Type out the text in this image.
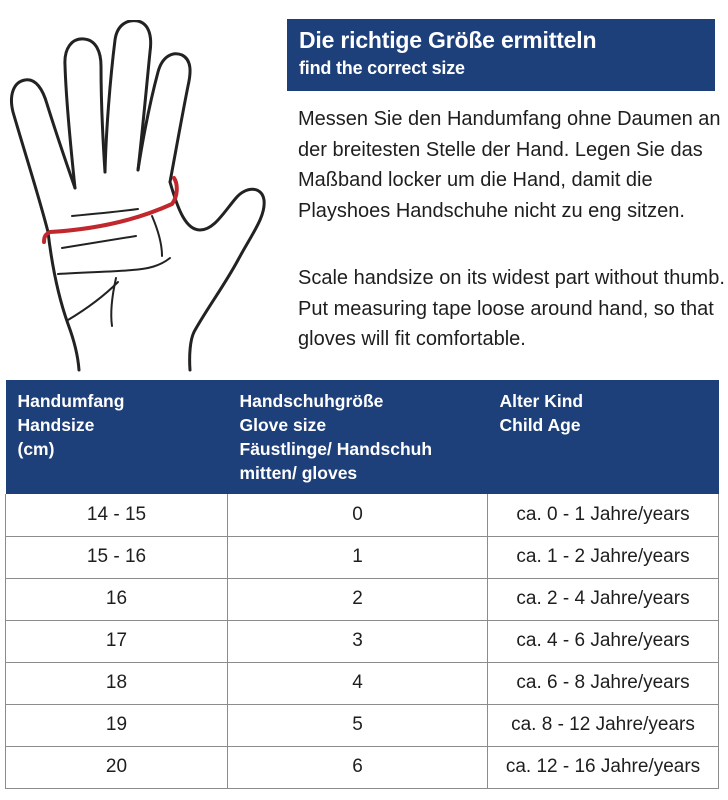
Die richtige Größe ermitteln
find the correct size
Messen Sie den Handumfang ohne Daumen an der breitesten Stelle der Hand. Legen Sie das Maßband locker um die Hand, damit die Playshoes Handschuhe nicht zu eng sitzen.
Scale handsize on its widest part without thumb. Put measuring tape loose around hand, so that gloves will fit comfortable.
Handumfang
Handsize
(cm)	Handschuhgröße
Glove size
Fäustlinge/ Handschuh
mitten/ gloves	Alter Kind
Child Age

14 - 15	0	ca. 0 - 1 Jahre/years
15 - 16	1	ca. 1 - 2 Jahre/years
16	2	ca. 2 - 4 Jahre/years
17	3	ca. 4 - 6 Jahre/years
18	4	ca. 6 - 8 Jahre/years
19	5	ca. 8 - 12 Jahre/years
20	6	ca. 12 - 16 Jahre/years
